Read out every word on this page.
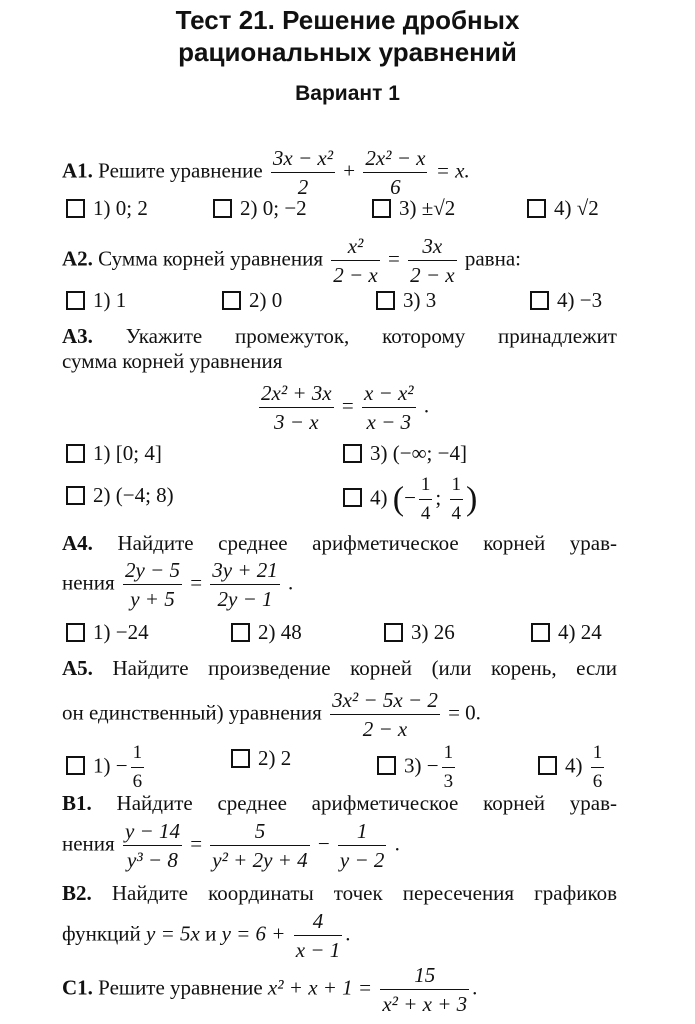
Тест 21. Решение дробных
рациональных уравнений
Вариант 1
А1. Решите уравнение $\frac{\text{3x − x²}}{2} + \frac{\text{2x² − x}}{6} = x$.
1) 0; 2	2) 0; −2	3) ±√2	4) √2
А2. Сумма корней уравнения $\frac{\text{x²}}{2 - x} = \frac{3x}{2 - x}$ равна:
1) 1	2) 0	3) 3	4) −3
А3. Укажите промежуток, которому принадлежит
сумма корней уравнения
$\frac{\text{2x² + 3x}}{3 - x} = \frac{\text{x − x²}}{x - 3}$ .
1) [0; 4]	3) (−∞; −4]
2) (−4; 8)	4) (− $\frac{1}{4}$ ; $\frac{1}{4}$ )
А4. Найдите среднее арифметическое корней урав-
нения $\frac{2y - 5}{y + 5} = \frac{3y + 21}{2y - 1}$ .
1) −24	2) 48	3) 26	4) 24
А5. Найдите произведение корней (или корень, если
он единственный) уравнения $\frac{\text{3x² − 5x − 2}}{2 - x} = 0$.
$1) - \frac{1}{6}$	2) 2	$3) - \frac{1}{3}$	$4) \frac{1}{6}$
В1. Найдите среднее арифметическое корней урав-
нения $\frac{y - 14}{\text{y³ − 8}} = \frac{5}{\text{y² + 2y + 4}} - \frac{1}{y - 2}$ .
В2. Найдите координаты точек пересечения графиков
функций y = 5x и $y = 6 + \frac{4}{x - 1}$ .
С1. Решите уравнение $x^2 + x + 1 = \frac{15}{\text{x² + x + 3}}$ .
